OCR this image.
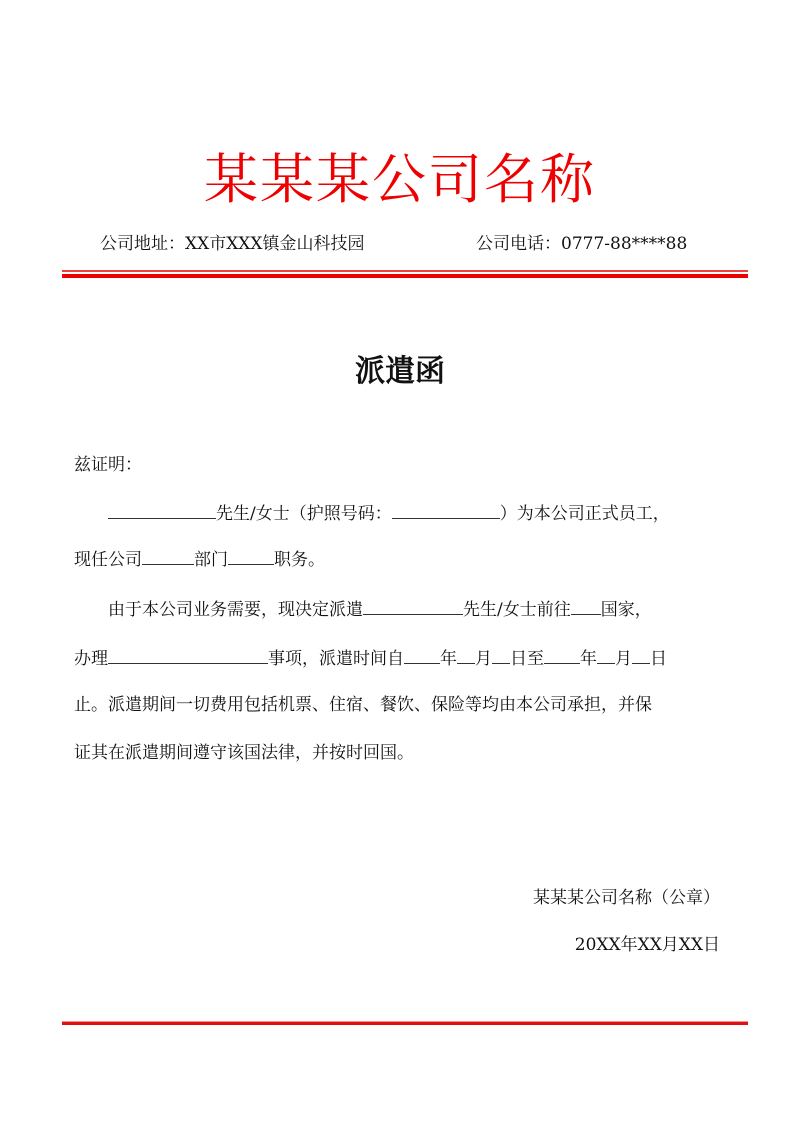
某某某公司名称
公司地址：XX市XXX镇金山科技园	公司电话：0777-88****88
派遣函
兹证明：
先生/女士（护照号码：	）为本公司正式员工，
现任公司	部门	职务。
由于本公司业务需要，现决定派遣	先生/女士前往 国家，
办理	事项，派遣时间自 年 月 日至 年 月 日
止。派遣期间一切费用包括机票、住宿、餐饮、保险等均由本公司承担，并保
证其在派遣期间遵守该国法律，并按时回国。
某某某公司名称（公章）
20XX年XX月XX日
